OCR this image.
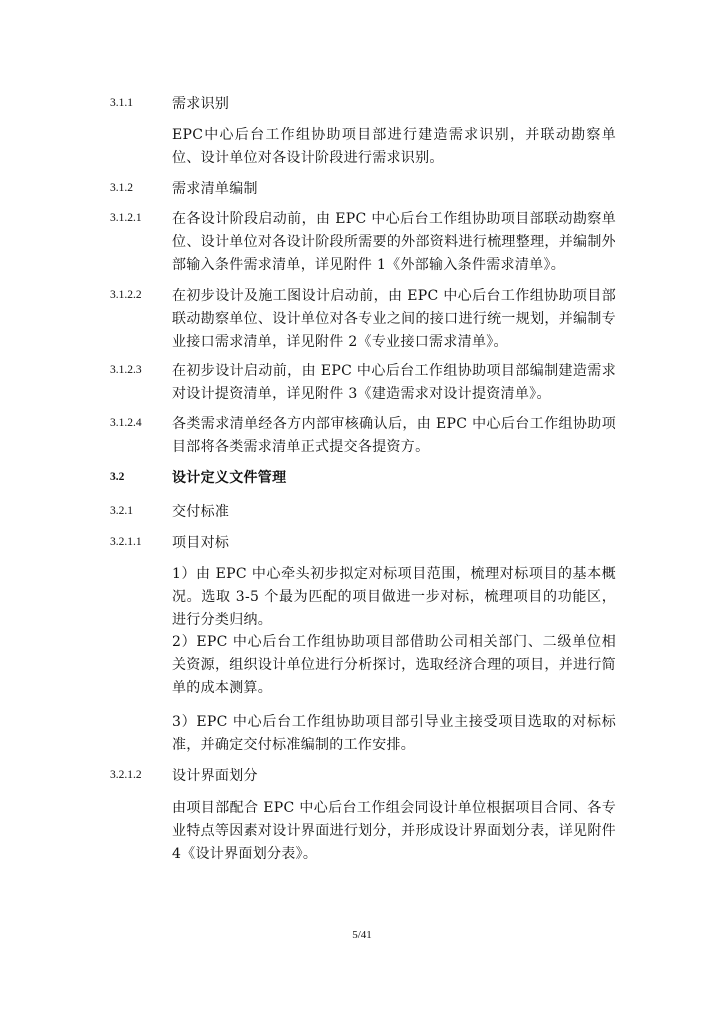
3.1.1	需求识别
EPC中心后台工作组协助项目部进行建造需求识别，并联动勘察单位、设计单位对各设计阶段进行需求识别。
3.1.2	需求清单编制
3.1.2.1 在各设计阶段启动前，由 EPC 中心后台工作组协助项目部联动勘察单位、设计单位对各设计阶段所需要的外部资料进行梳理整理，并编制外部输入条件需求清单，详见附件 1《外部输入条件需求清单》。
3.1.2.2 在初步设计及施工图设计启动前，由 EPC 中心后台工作组协助项目部联动勘察单位、设计单位对各专业之间的接口进行统一规划，并编制专业接口需求清单，详见附件 2《专业接口需求清单》。
3.1.2.3 在初步设计启动前，由 EPC 中心后台工作组协助项目部编制建造需求对设计提资清单，详见附件 3《建造需求对设计提资清单》。
3.1.2.4 各类需求清单经各方内部审核确认后，由 EPC 中心后台工作组协助项目部将各类需求清单正式提交各提资方。
3.2	设计定义文件管理
3.2.1	交付标准
3.2.1.1 项目对标
1）由 EPC 中心牵头初步拟定对标项目范围，梳理对标项目的基本概况。选取 3-5 个最为匹配的项目做进一步对标，梳理项目的功能区，进行分类归纳。
2）EPC 中心后台工作组协助项目部借助公司相关部门、二级单位相关资源，组织设计单位进行分析探讨，选取经济合理的项目，并进行简单的成本测算。
3）EPC 中心后台工作组协助项目部引导业主接受项目选取的对标标准，并确定交付标准编制的工作安排。
3.2.1.2 设计界面划分
由项目部配合 EPC 中心后台工作组会同设计单位根据项目合同、各专业特点等因素对设计界面进行划分，并形成设计界面划分表，详见附件 4《设计界面划分表》。
5/41
